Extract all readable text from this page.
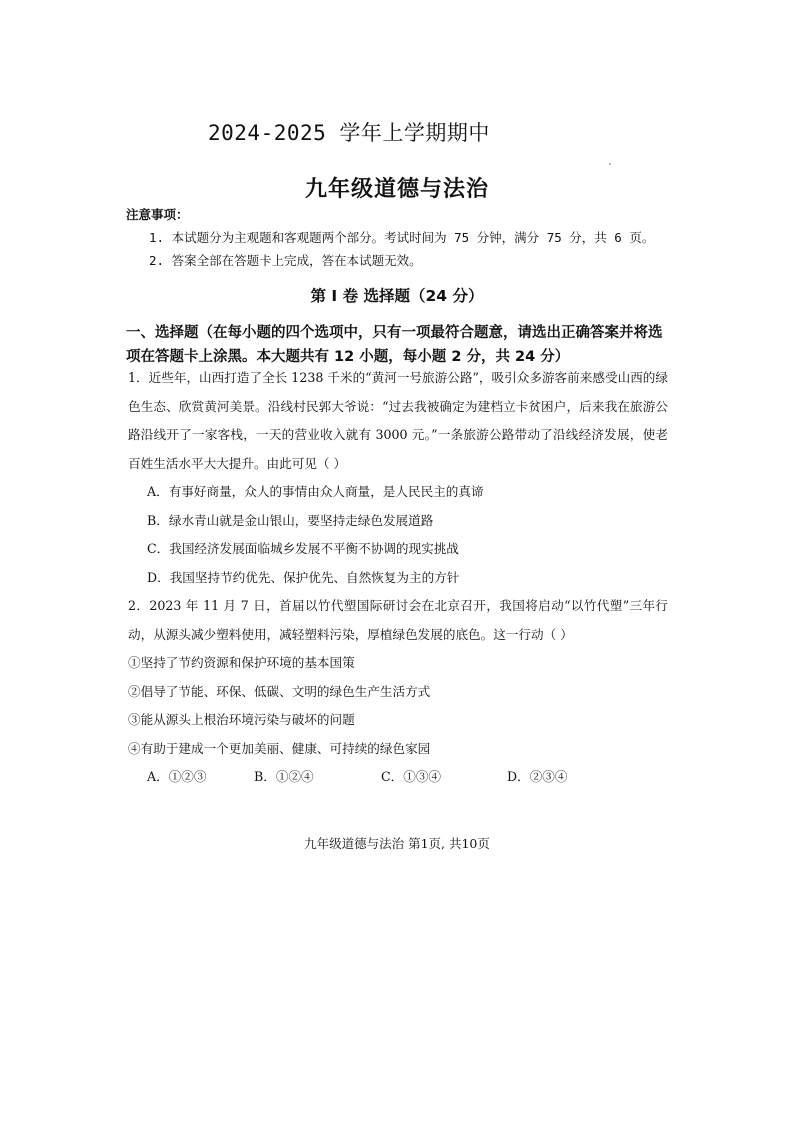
2024-2025 学年上学期期中
九年级道德与法治
注意事项：
1. 本试题分为主观题和客观题两个部分。考试时间为 75 分钟，满分 75 分，共 6 页。
2. 答案全部在答题卡上完成，答在本试题无效。
第 I 卷 选择题（24 分）
一、选择题（在每小题的四个选项中，只有一项最符合题意，请选出正确答案并将选项在答题卡上涂黑。本大题共有 12 小题，每小题 2 分，共 24 分）
1．近些年，山西打造了全长 1238 千米的“黄河一号旅游公路”，吸引众多游客前来感受山西的绿色生态、欣赏黄河美景。沿线村民郭大爷说：“过去我被确定为建档立卡贫困户，后来我在旅游公路沿线开了一家客栈，一天的营业收入就有 3000 元。”一条旅游公路带动了沿线经济发展，使老百姓生活水平大大提升。由此可见（ ）
A．有事好商量，众人的事情由众人商量，是人民民主的真谛
B．绿水青山就是金山银山，要坚持走绿色发展道路
C．我国经济发展面临城乡发展不平衡不协调的现实挑战
D．我国坚持节约优先、保护优先、自然恢复为主的方针
2．2023 年 11 月 7 日，首届以竹代塑国际研讨会在北京召开，我国将启动“以竹代塑”三年行动，从源头减少塑料使用，减轻塑料污染，厚植绿色发展的底色。这一行动（ ）
①坚持了节约资源和保护环境的基本国策
②倡导了节能、环保、低碳、文明的绿色生产生活方式
③能从源头上根治环境污染与破坏的问题
④有助于建成一个更加美丽、健康、可持续的绿色家园
A．①②③	B．①②④	C．①③④	D．②③④
九年级道德与法治 第1页, 共10页
